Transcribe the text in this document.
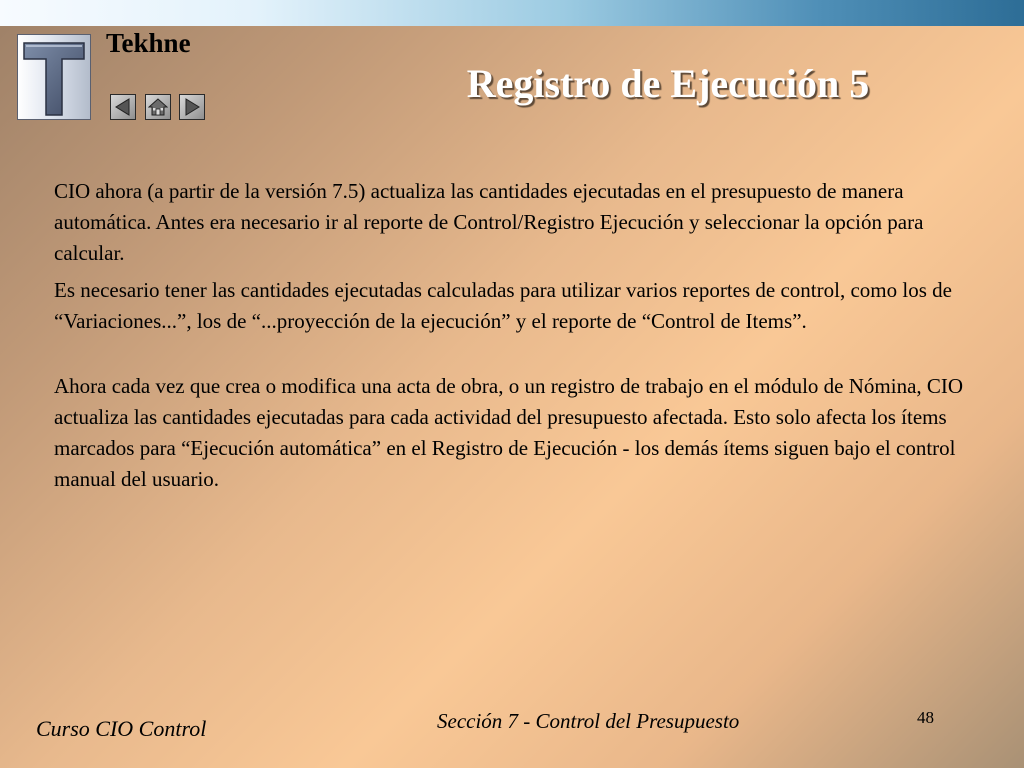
Tekhne
Registro de Ejecución 5

CIO ahora (a partir de la versión 7.5) actualiza las cantidades ejecutadas en el presupuesto de manera automática. Antes era necesario ir al reporte de Control/Registro Ejecución y seleccionar la opción para calcular.

Es necesario tener las cantidades ejecutadas calculadas para utilizar varios reportes de control, como los de “Variaciones...”, los de “...proyección de la ejecución” y el reporte de “Control de Items”.

Ahora cada vez que crea o modifica una acta de obra, o un registro de trabajo en el módulo de Nómina, CIO actualiza las cantidades ejecutadas para cada actividad del presupuesto afectada. Esto solo afecta los ítems marcados para “Ejecución automática” en el Registro de Ejecución - los demás ítems siguen bajo el control manual del usuario.

Curso CIO Control	Sección 7 - Control del Presupuesto	48
